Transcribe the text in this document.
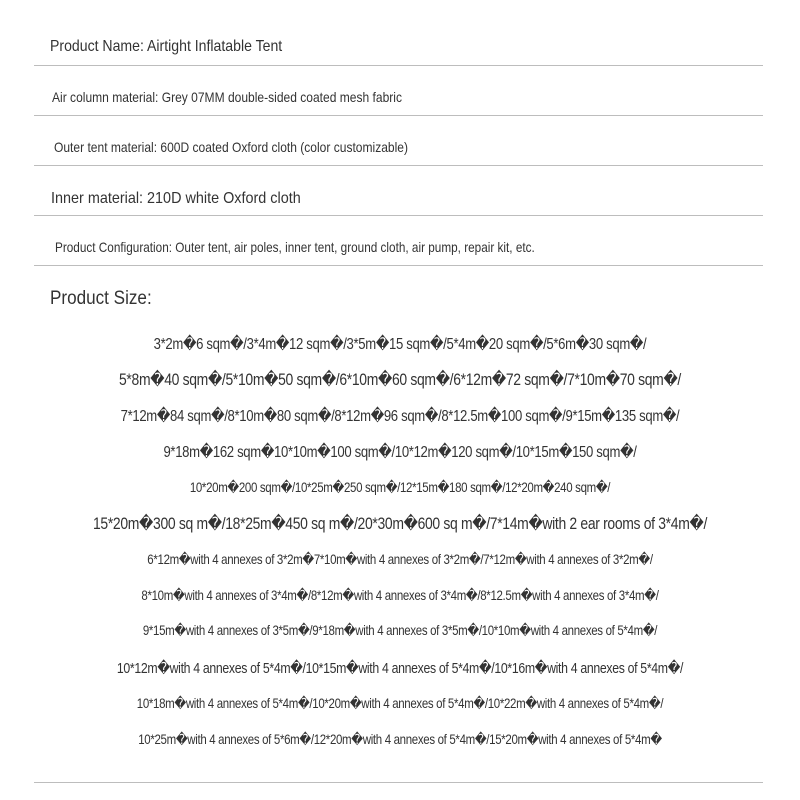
Product Name: Airtight Inflatable Tent
Air column material: Grey 07MM double-sided coated mesh fabric
Outer tent material: 600D coated Oxford cloth (color customizable)
Inner material: 210D white Oxford cloth
Product Configuration: Outer tent, air poles, inner tent, ground cloth, air pump, repair kit, etc.
Product Size:
3*2m�6 sqm�/3*4m�12 sqm�/3*5m�15 sqm�/5*4m�20 sqm�/5*6m�30 sqm�/
5*8m�40 sqm�/5*10m�50 sqm�/6*10m�60 sqm�/6*12m�72 sqm�/7*10m�70 sqm�/
7*12m�84 sqm�/8*10m�80 sqm�/8*12m�96 sqm�/8*12.5m�100 sqm�/9*15m�135 sqm�/
9*18m�162 sqm�10*10m�100 sqm�/10*12m�120 sqm�/10*15m�150 sqm�/
10*20m�200 sqm�/10*25m�250 sqm�/12*15m�180 sqm�/12*20m�240 sqm�/
15*20m�300 sq m�/18*25m�450 sq m�/20*30m�600 sq m�/7*14m�with 2 ear rooms of 3*4m�/
6*12m�with 4 annexes of 3*2m�7*10m�with 4 annexes of 3*2m�/7*12m�with 4 annexes of 3*2m�/
8*10m�with 4 annexes of 3*4m�/8*12m�with 4 annexes of 3*4m�/8*12.5m�with 4 annexes of 3*4m�/
9*15m�with 4 annexes of 3*5m�/9*18m�with 4 annexes of 3*5m�/10*10m�with 4 annexes of 5*4m�/
10*12m�with 4 annexes of 5*4m�/10*15m�with 4 annexes of 5*4m�/10*16m�with 4 annexes of 5*4m�/
10*18m�with 4 annexes of 5*4m�/10*20m�with 4 annexes of 5*4m�/10*22m�with 4 annexes of 5*4m�/
10*25m�with 4 annexes of 5*6m�/12*20m�with 4 annexes of 5*4m�/15*20m�with 4 annexes of 5*4m�
